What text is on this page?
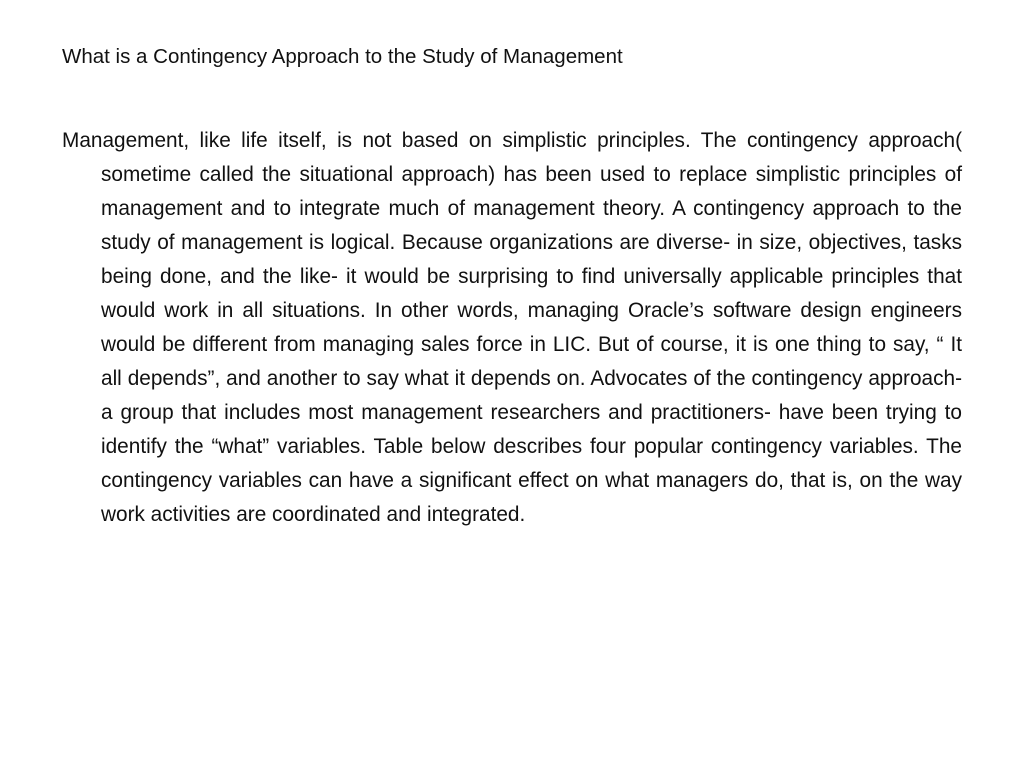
What is a Contingency Approach to the Study of Management

Management, like life itself, is not based on simplistic principles. The contingency approach( sometime called the situational approach) has been used to replace simplistic principles of management and to integrate much of management theory. A contingency approach to the study of management is logical. Because organizations are diverse- in size, objectives, tasks being done, and the like- it would be surprising to find universally applicable principles that would work in all situations. In other words, managing Oracle’s software design engineers would be different from managing sales force in LIC. But of course, it is one thing to say, “ It all depends”, and another to say what it depends on. Advocates of the contingency approach- a group that includes most management researchers and practitioners- have been trying to identify the “what” variables. Table below describes four popular contingency variables. The contingency variables can have a significant effect on what managers do, that is, on the way work activities are coordinated and integrated.
